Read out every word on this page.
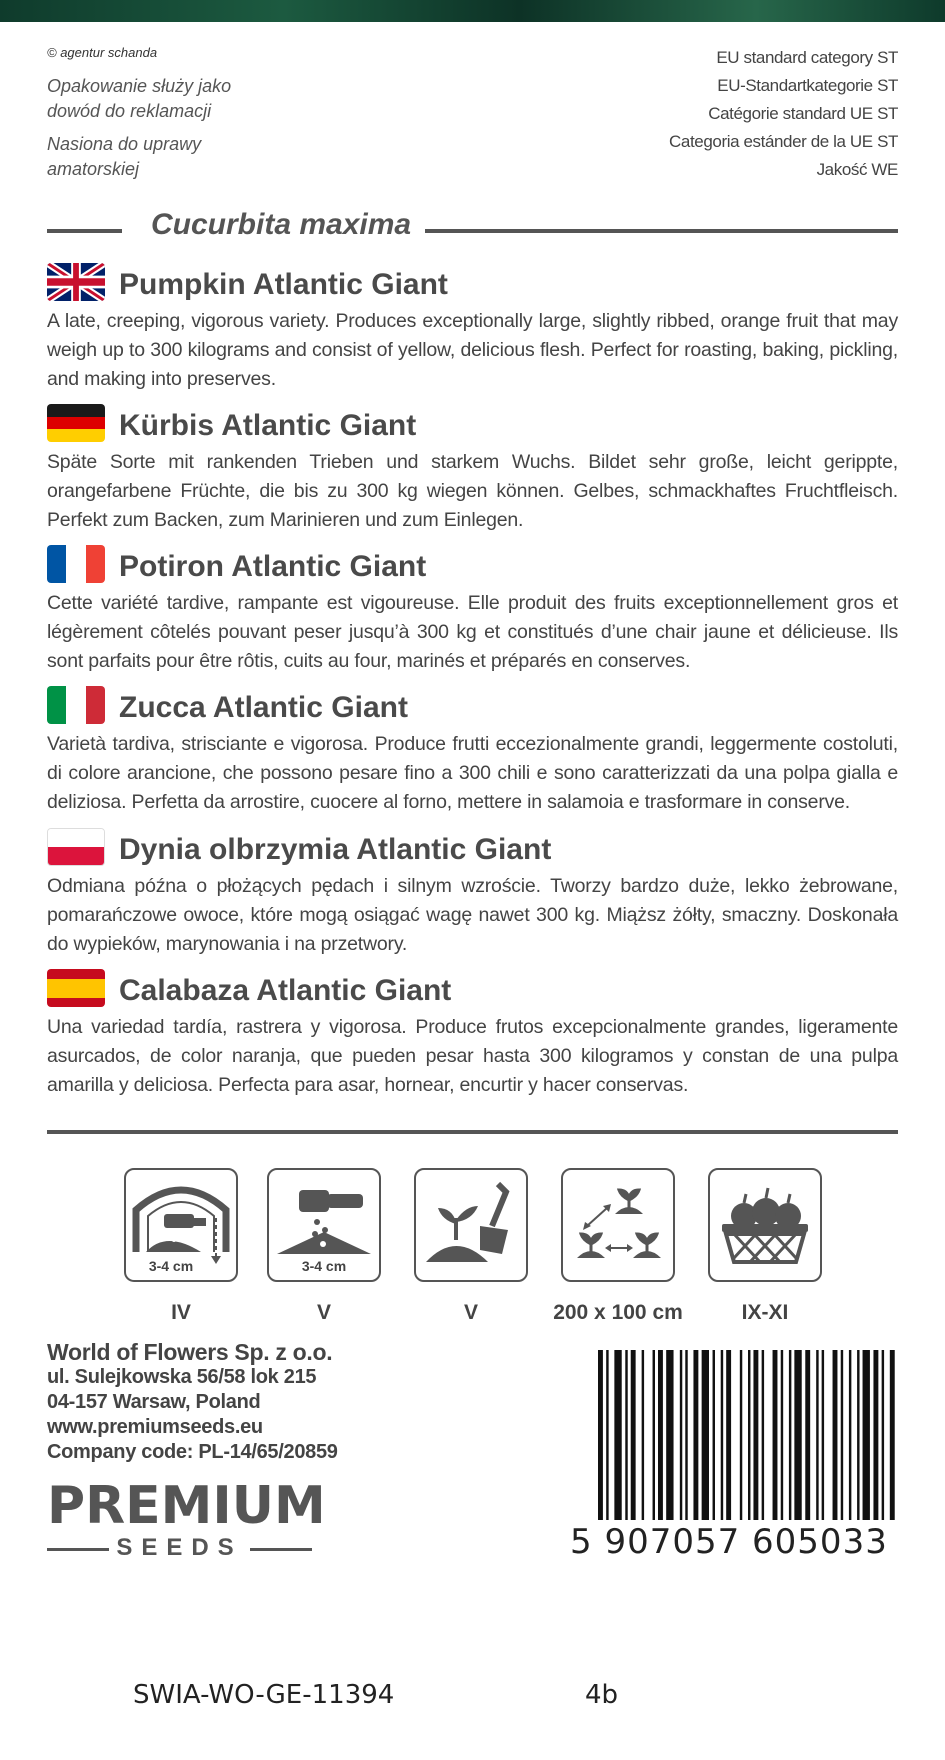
© agentur schanda

Opakowanie służy jako
dowód do reklamacji

Nasiona do uprawy
amatorskiej

EU standard category ST
EU-Standartkategorie ST
Catégorie standard UE ST
Categoria estánder de la UE ST
Jakość WE
Cucurbita maxima
Pumpkin Atlantic Giant

A late, creeping, vigorous variety. Produces exceptionally large, slightly ribbed, orange fruit that may weigh up to 300 kilograms and consist of yellow, delicious flesh. Perfect for roasting, baking, pickling, and making into preserves.

Kürbis Atlantic Giant

Späte Sorte mit rankenden Trieben und starkem Wuchs. Bildet sehr große, leicht gerippte, orangefarbene Früchte, die bis zu 300 kg wiegen können. Gelbes, schmackhaftes Fruchtfleisch. Perfekt zum Backen, zum Marinieren und zum Einlegen.

Potiron Atlantic Giant

Cette variété tardive, rampante est vigoureuse. Elle produit des fruits exceptionnellement gros et légèrement côtelés pouvant peser jusqu’à 300 kg et constitués d’une chair jaune et délicieuse. Ils sont parfaits pour être rôtis, cuits au four, marinés et préparés en conserves.

Zucca Atlantic Giant

Varietà tardiva, strisciante e vigorosa. Produce frutti eccezionalmente grandi, leggermente costoluti, di colore arancione, che possono pesare fino a 300 chili e sono caratterizzati da una polpa gialla e deliziosa. Perfetta da arrostire, cuocere al forno, mettere in salamoia e trasformare in conserve.

Dynia olbrzymia Atlantic Giant

Odmiana późna o płożących pędach i silnym wzroście. Tworzy bardzo duże, lekko żebrowane, pomarańczowe owoce, które mogą osiągać wagę nawet 300 kg. Miąższ żółty, smaczny. Doskonała do wypieków, marynowania i na przetwory.

Calabaza Atlantic Giant

Una variedad tardía, rastrera y vigorosa. Produce frutos excepcionalmente grandes, ligeramente asurcados, de color naranja, que pueden pesar hasta 300 kilogramos y constan de una pulpa amarilla y deliciosa. Perfecta para asar, hornear, encurtir y hacer conservas.

3-4 cm	3-4 cm
IV	V	V	200 x 100 cm	IX-XI
World of Flowers Sp. z o.o.
ul. Sulejkowska 56/58 lok 215
04-157 Warsaw, Poland
www.premiumseeds.eu
Company code: PL-14/65/20859
PREMIUM
SEEDS	5 907057 605033
SWIA-WO-GE-11394	4b
